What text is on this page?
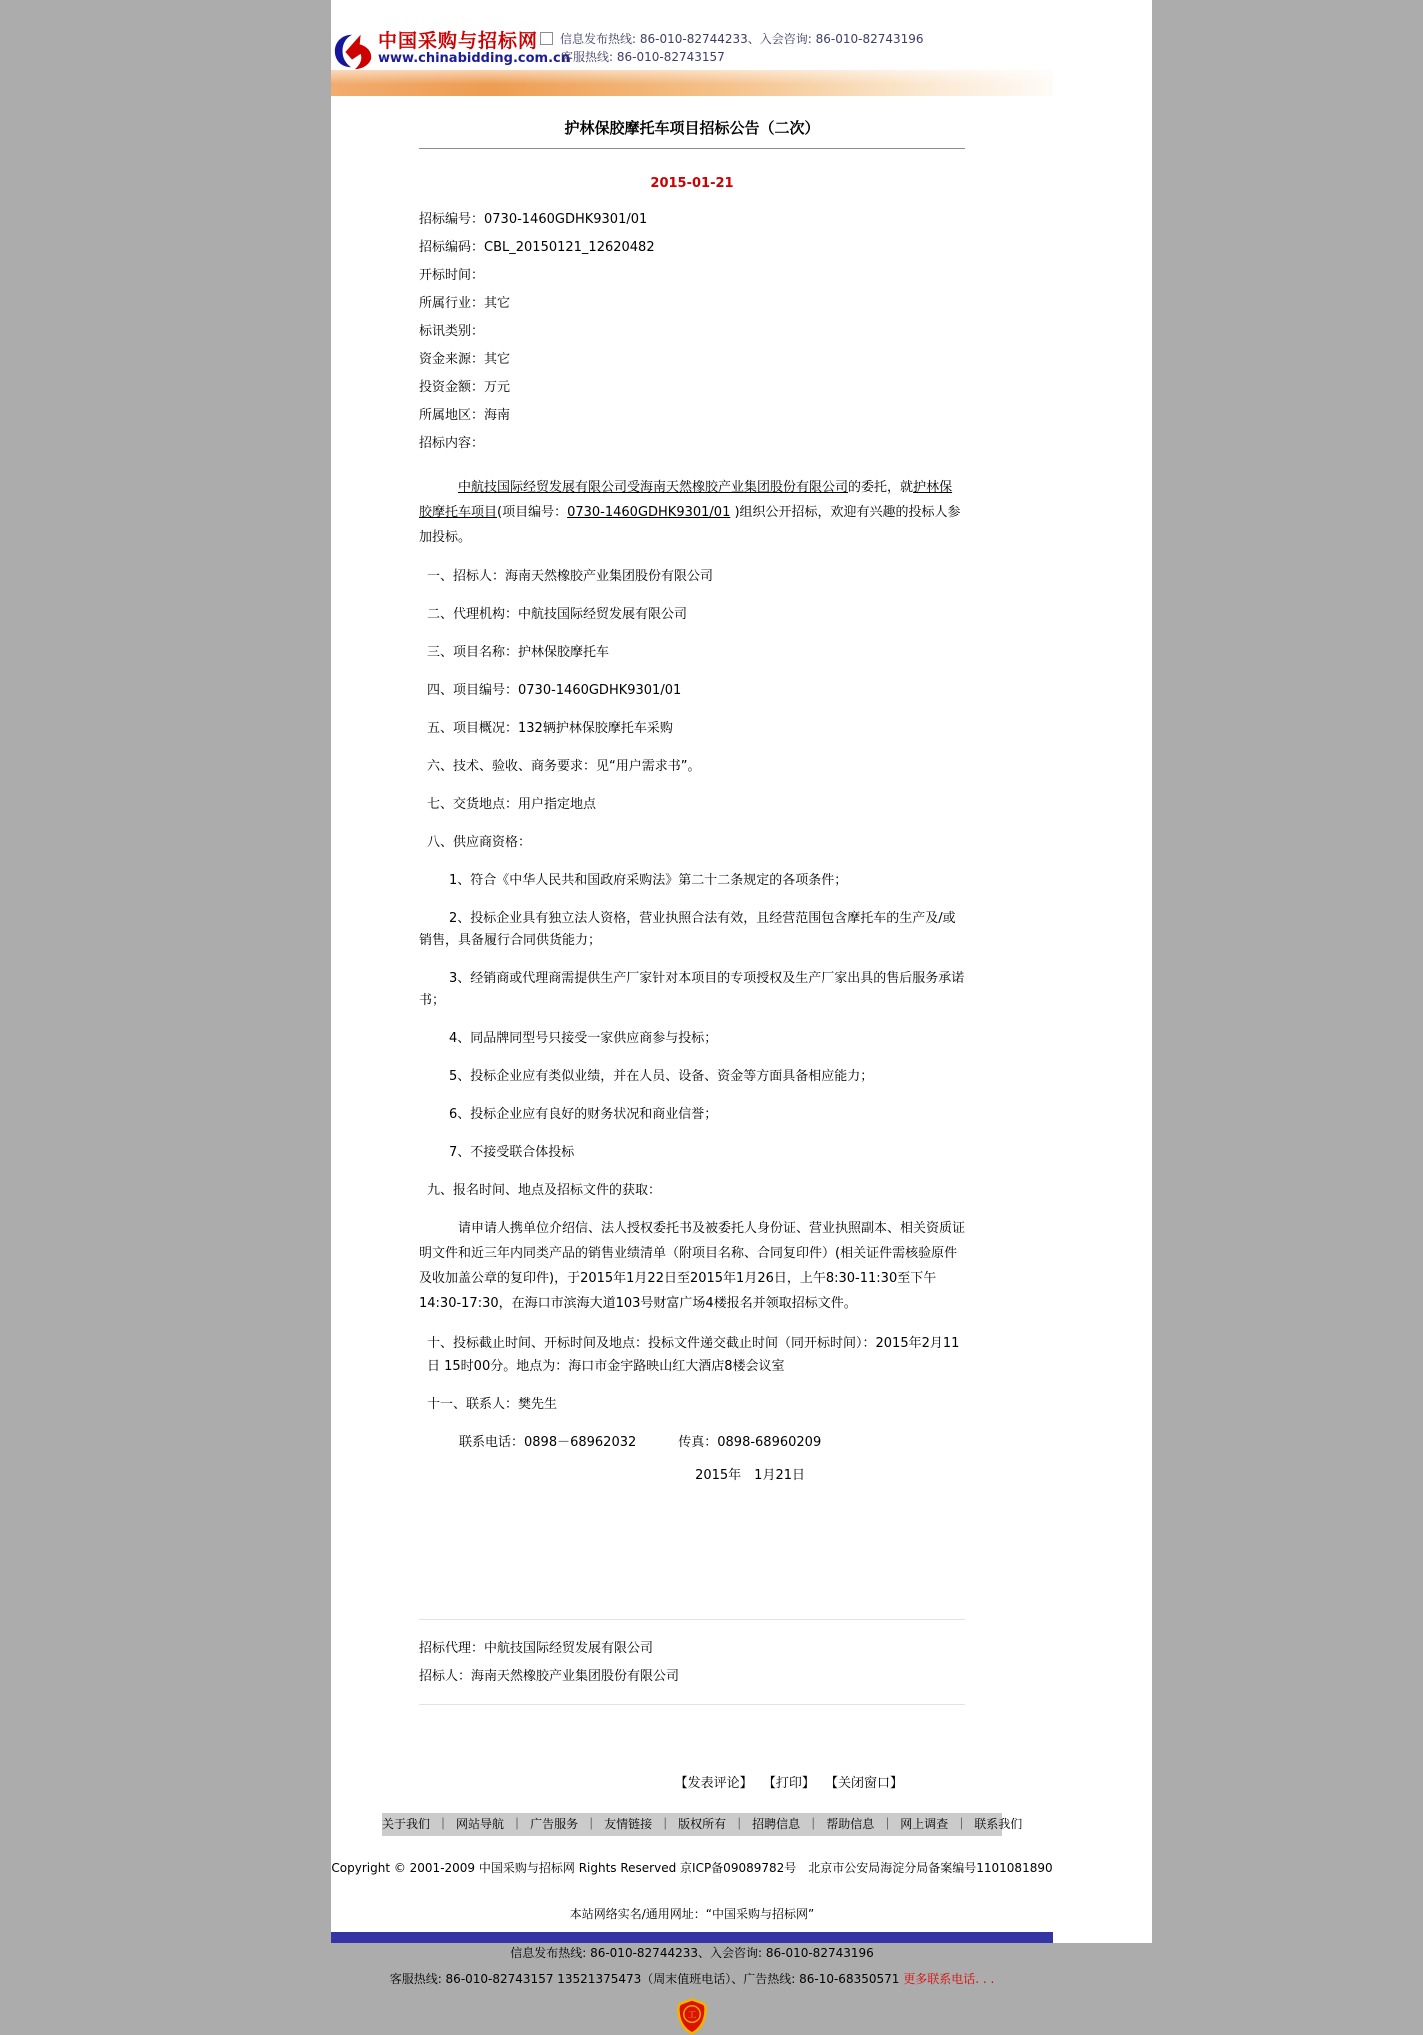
中国采购与招标网
www.chinabidding.com.cn
信息发布热线: 86-010-82744233、入会咨询: 86-010-82743196
客服热线: 86-010-82743157
护林保胶摩托车项目招标公告（二次）
2015-01-21
招标编号：0730-1460GDHK9301/01
招标编码：CBL_20150121_12620482
开标时间：
所属行业：其它
标讯类别：
资金来源：其它
投资金额：万元
所属地区：海南
招标内容：

中航技国际经贸发展有限公司受海南天然橡胶产业集团股份有限公司的委托，就护林保胶摩托车项目(项目编号：0730-1460GDHK9301/01 )组织公开招标，欢迎有兴趣的投标人参加投标。

一、招标人：海南天然橡胶产业集团股份有限公司

二、代理机构：中航技国际经贸发展有限公司

三、项目名称：护林保胶摩托车

四、项目编号：0730-1460GDHK9301/01

五、项目概况：132辆护林保胶摩托车采购

六、技术、验收、商务要求：见“用户需求书”。

七、交货地点：用户指定地点

八、供应商资格：

1、符合《中华人民共和国政府采购法》第二十二条规定的各项条件；

2、投标企业具有独立法人资格，营业执照合法有效，且经营范围包含摩托车的生产及/或销售，具备履行合同供货能力；

3、经销商或代理商需提供生产厂家针对本项目的专项授权及生产厂家出具的售后服务承诺书；

4、同品牌同型号只接受一家供应商参与投标；

5、投标企业应有类似业绩，并在人员、设备、资金等方面具备相应能力；

6、投标企业应有良好的财务状况和商业信誉；

7、不接受联合体投标

九、报名时间、地点及招标文件的获取：

请申请人携单位介绍信、法人授权委托书及被委托人身份证、营业执照副本、相关资质证明文件和近三年内同类产品的销售业绩清单（附项目名称、合同复印件）(相关证件需核验原件及收加盖公章的复印件)，于2015年1月22日至2015年1月26日，上午8:30-11:30至下午14:30-17:30，在海口市滨海大道103号财富广场4楼报名并领取招标文件。

十、投标截止时间、开标时间及地点：投标文件递交截止时间（同开标时间）：2015年2月11日 15时00分。地点为：海口市金宇路映山红大酒店8楼会议室

十一、联系人：樊先生

联系电话：0898－68962032	传真：0898-68960209

2015年　1月21日

招标代理：中航技国际经贸发展有限公司
招标人：海南天然橡胶产业集团股份有限公司
【发表评论】 【打印】 【关闭窗口】
关于我们 ｜ 网站导航 ｜ 广告服务 ｜ 友情链接 ｜ 版权所有 ｜ 招聘信息 ｜ 帮助信息 ｜ 网上调查 ｜ 联系我们
Copyright © 2001-2009 中国采购与招标网 Rights Reserved 京ICP备09089782号　北京市公安局海淀分局备案编号1101081890
本站网络实名/通用网址：“中国采购与招标网”
信息发布热线: 86-010-82744233、入会咨询: 86-010-82743196
客服热线: 86-010-82743157 13521375473（周末值班电话）、广告热线: 86-10-68350571 更多联系电话. . .
工
